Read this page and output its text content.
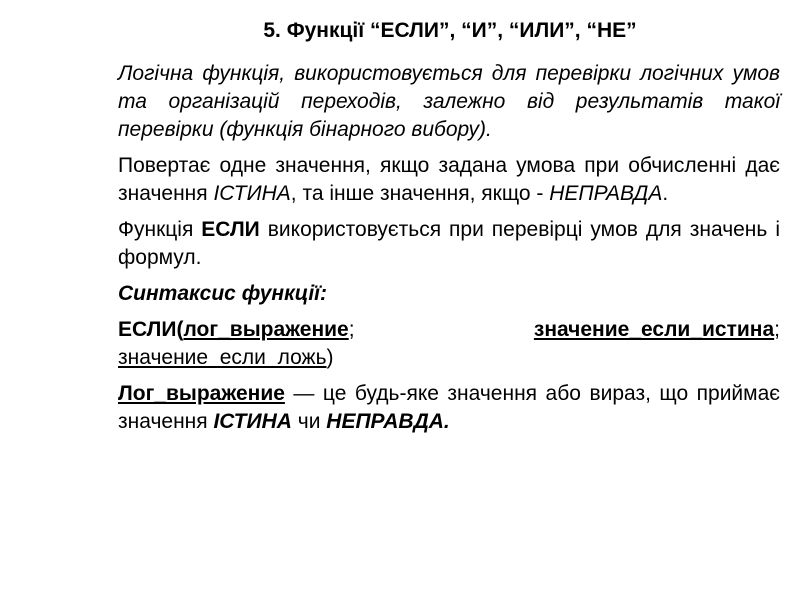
5. Функції “ЕСЛИ”, “И”, “ИЛИ”, “НЕ”

Логічна функція, використовується для перевірки логічних умов та організацій переходів, залежно від результатів такої перевірки (функція бінарного вибору).

Повертає одне значення, якщо задана умова при обчисленні дає значення ІСТИНА, та інше значення, якщо - НЕПРАВДА.

Функція ЕСЛИ використовується при перевірці умов для значень і формул.

Синтаксис функції:

ЕСЛИ(лог_выражение; значение_если_истина; значение_если_ложь)

Лог_выражение — це будь-яке значення або вираз, що приймає значення ІСТИНА чи НЕПРАВДА.
